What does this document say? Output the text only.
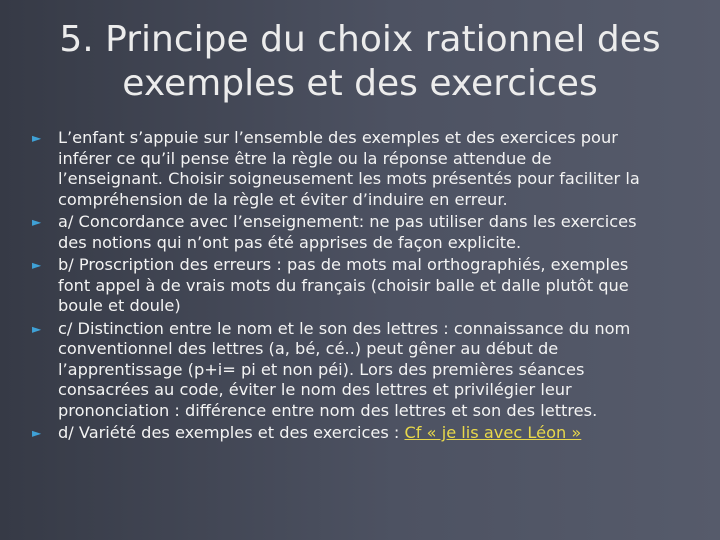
5. Principe du choix rationnel des
exemples et des exercices
► L’enfant s’appuie sur l’ensemble des exemples et des exercices pour
inférer ce qu’il pense être la règle ou la réponse attendue de
l’enseignant. Choisir soigneusement les mots présentés pour faciliter la
compréhension de la règle et éviter d’induire en erreur.
► a/ Concordance avec l’enseignement: ne pas utiliser dans les exercices
des notions qui n’ont pas été apprises de façon explicite.
► b/ Proscription des erreurs : pas de mots mal orthographiés, exemples
font appel à de vrais mots du français (choisir balle et dalle plutôt que
boule et doule)
► c/ Distinction entre le nom et le son des lettres : connaissance du nom
conventionnel des lettres (a, bé, cé..) peut gêner au début de
l’apprentissage (p+i= pi et non péi). Lors des premières séances
consacrées au code, éviter le nom des lettres et privilégier leur
prononciation : différence entre nom des lettres et son des lettres.
► d/ Variété des exemples et des exercices : Cf « je lis avec Léon »
